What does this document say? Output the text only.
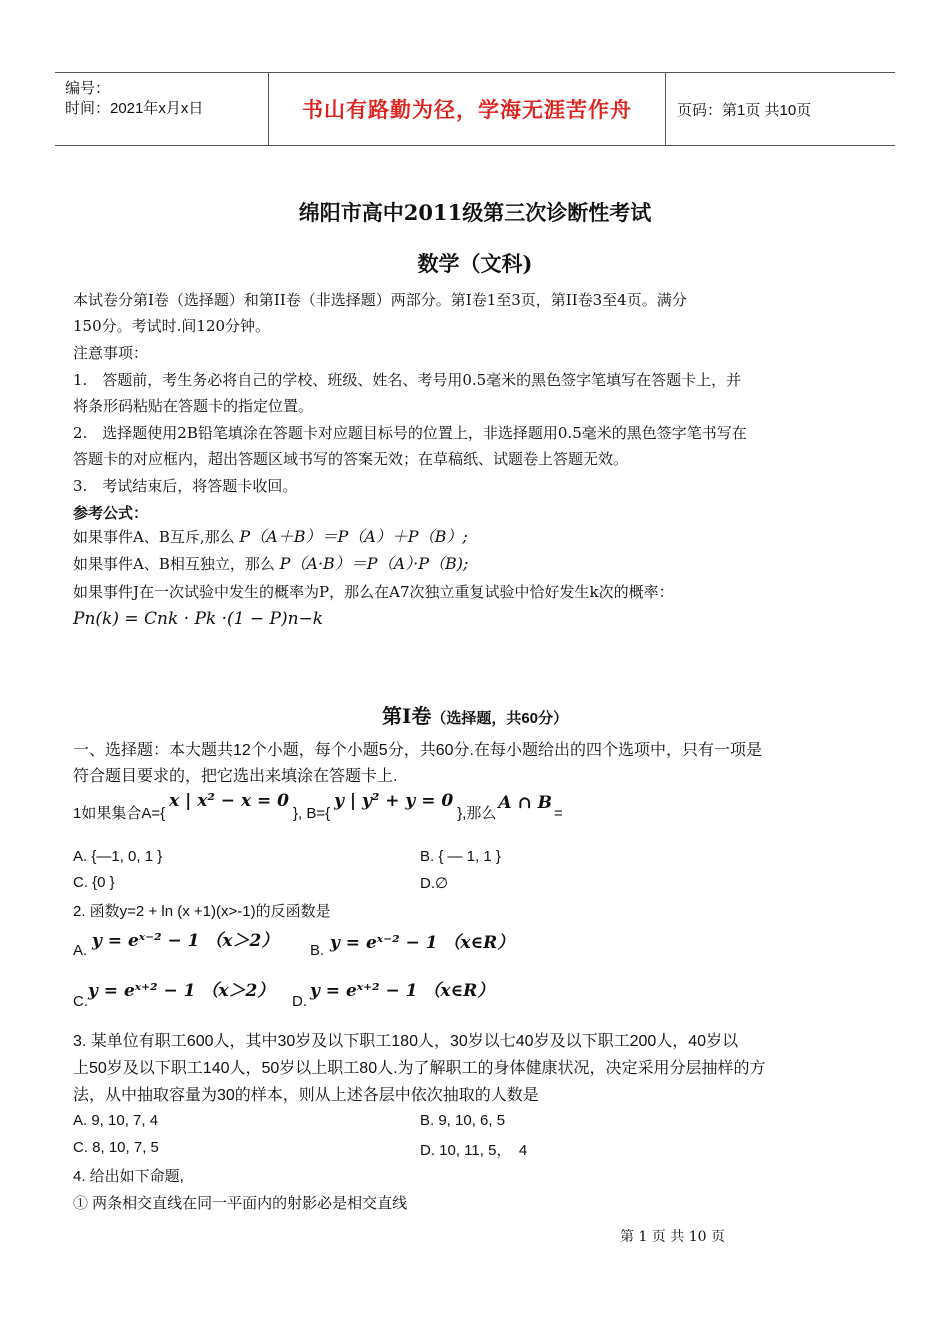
编号：
时间：2021年x月x日	书山有路勤为径，学海无涯苦作舟	页码：第1页 共10页
绵阳市高中2011级第三次诊断性考试
数学（文科)
本试卷分第I卷（选择题）和第II卷（非选择题）两部分。第I卷1至3页，第II卷3至4页。满分
150分。考试时.间120分钟。
注意事项：
1.　答题前，考生务必将自己的学校、班级、姓名、考号用0.5毫米的黑色签字笔填写在答题卡上，并
将条形码粘贴在答题卡的指定位置。
2.　选择题使用2B铅笔填涂在答题卡对应题目标号的位置上，非选择题用0.5毫米的黑色签字笔书写在
答题卡的对应框内，超出答题区域书写的答案无效；在草稿纸、试题卷上答题无效。
3.　考试结束后，将答题卡收回。
参考公式：
如果事件A、B互斥,那么 P（A＋B）＝P（A）＋P（B）;
如果事件A、B相互独立，那么 P（A·B）＝P（A）·P（B);
如果事件J在一次试验中发生的概率为P，那么在A7次独立重复试验中恰好发生k次的概率：
Pn(k) = Cnk · Pk ·(1 − P)n−k
第Ⅰ卷（选择题，共60分）
一、选择题：本大题共12个小题，每个小题5分，共60分.在每小题给出的四个选项中，只有一项是
符合题目要求的，把它选出来填涂在答题卡上.
1如果集合A={x | x² − x = 0}, B={y | y² + y = 0},那么A ∩ B=
A. {—1, 0, 1 }	B. { — 1, 1 }
C. {0 }	D.∅
2. 函数y=2 + ln (x +1)(x>-1)的反函数是
A. y = eˣ⁻² − 1 （x＞2） B. y = eˣ⁻² − 1 （x∈R）
C.
y = eˣ⁺² − 1 （x＞2）
D.
y = eˣ⁺² − 1 （x∈R）
3. 某单位有职工600人，其中30岁及以下职工180人，30岁以七40岁及以下职工200人，40岁以
上50岁及以下职工140人，50岁以上职工80人.为了解职工的身体健康状况，决定采用分层抽样的方
法，从中抽取容量为30的样本，则从上述各层中依次抽取的人数是
A. 9, 10, 7, 4	B. 9, 10, 6, 5
C. 8, 10, 7, 5	D. 10, 11, 5，　4
4. 给出如下命题,
① 两条相交直线在同一平面内的射影必是相交直线
第 1 页 共 10 页
